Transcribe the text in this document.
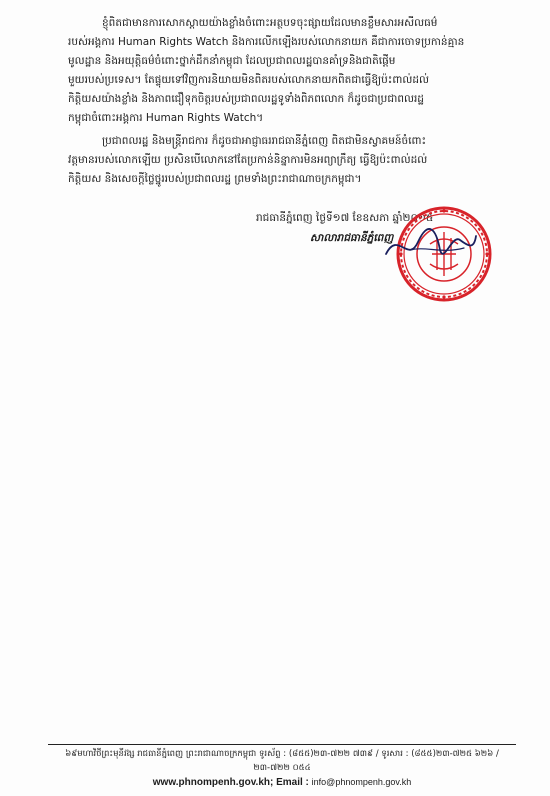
ខ្ញុំពិតជាមានការសោកស្តាយយ៉ាងខ្លាំងចំពោះអត្ថបទចុះផ្សាយដែលមានខ្លឹមសារអសីលធម៌

របស់អង្គការ Human Rights Watch និងការលើកឡើងរបស់លោកនាយក គឺជាការចោទប្រកាន់គ្មាន

មូលដ្ឋាន និងអយុត្តិធម៌ចំពោះថ្នាក់ដឹកនាំកម្ពុជា ដែលប្រជាពលរដ្ឋបានគាំទ្រនិងជាតិផ្តើម

មួយរបស់ប្រទេស។ តែផ្ទុយទៅវិញការនិយាយមិនពិតរបស់លោកនាយកពិតជាធ្វើឱ្យប៉ះពាល់ដល់

កិត្តិយសយ៉ាងខ្លាំង និងភាពជឿទុកចិត្តរបស់ប្រជាពលរដ្ឋទូទាំងពិភពលោក ក៏ដូចជាប្រជាពលរដ្ឋ

កម្ពុជាចំពោះអង្គការ Human Rights Watch។

ប្រជាពលរដ្ឋ និងមន្ត្រីរាជការ ក៏ដូចជាអាជ្ញាធររាជធានីភ្នំពេញ ពិតជាមិនស្វាគមន៍ចំពោះ

វត្តមានរបស់លោកឡើយ ប្រសិនបើលោកនៅតែប្រកាន់និន្នាការមិនអព្យាក្រឹត្យ ធ្វើឱ្យប៉ះពាល់ដល់

កិត្តិយស និងសេចក្តីថ្លៃថ្នូររបស់ប្រជាពលរដ្ឋ ព្រមទាំងព្រះរាជាណាចក្រកម្ពុជា។

រាជធានីភ្នំពេញ ថ្ងៃទី១៧ ខែឧសភា ឆ្នាំ២០១៥
សាលារាជធានីភ្នំពេញ
៦៩មហាវិថីព្រះមុនីវង្ស រាជធានីភ្នំពេញ ព្រះរាជាណាចក្រកម្ពុជា ទូរស័ព្ទ : (៨៥៥)២៣-៧២២ ៧៣៩ / ទូរសារ : (៨៥៥)២៣-៧២៥ ៦២៦ / ២៣-៧២២ ០៥៤
www.phnompenh.gov.kh; Email : info@phnompenh.gov.kh
